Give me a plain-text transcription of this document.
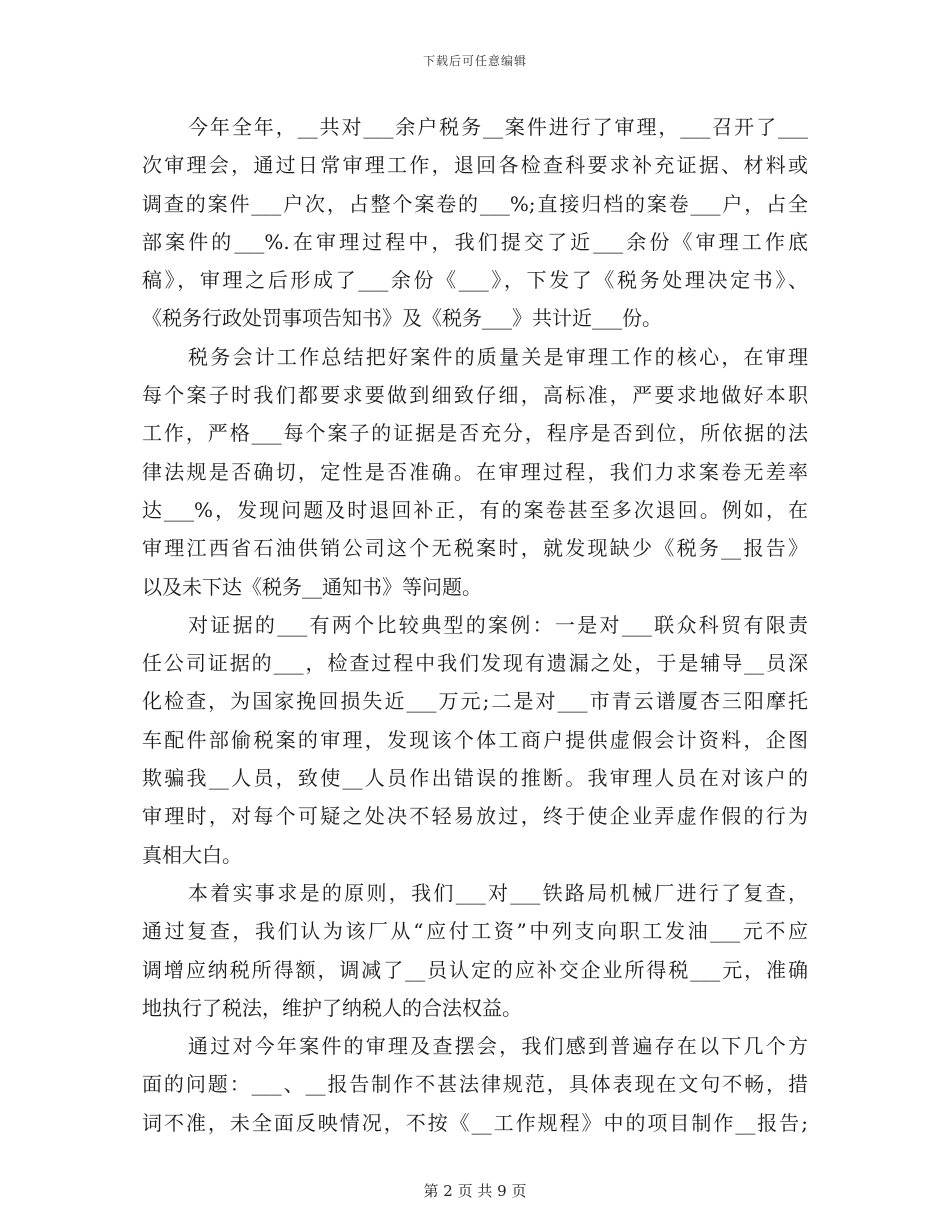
下载后可任意编辑
今年全年，__共对___余户税务__案件进行了审理，___召开了___
次审理会，通过日常审理工作，退回各检查科要求补充证据、材料或
调查的案件___户次，占整个案卷的___%;直接归档的案卷___户，占全
部案件的___%.在审理过程中，我们提交了近___余份《审理工作底
稿》，审理之后形成了___余份《___》，下发了《税务处理决定书》、
《税务行政处罚事项告知书》及《税务___》共计近___份。
税务会计工作总结把好案件的质量关是审理工作的核心，在审理
每个案子时我们都要求要做到细致仔细，高标准，严要求地做好本职
工作，严格___每个案子的证据是否充分，程序是否到位，所依据的法
律法规是否确切，定性是否准确。在审理过程，我们力求案卷无差率
达___%，发现问题及时退回补正，有的案卷甚至多次退回。例如，在
审理江西省石油供销公司这个无税案时，就发现缺少《税务__报告》
以及未下达《税务__通知书》等问题。
对证据的___有两个比较典型的案例：一是对___联众科贸有限责
任公司证据的___，检查过程中我们发现有遗漏之处，于是辅导__员深
化检查，为国家挽回损失近___万元;二是对___市青云谱厦杏三阳摩托
车配件部偷税案的审理，发现该个体工商户提供虚假会计资料，企图
欺骗我__人员，致使__人员作出错误的推断。我审理人员在对该户的
审理时，对每个可疑之处决不轻易放过，终于使企业弄虚作假的行为
真相大白。
本着实事求是的原则，我们___对___铁路局机械厂进行了复查，
通过复查，我们认为该厂从“应付工资”中列支向职工发油___元不应
调增应纳税所得额，调减了__员认定的应补交企业所得税___元，准确
地执行了税法，维护了纳税人的合法权益。
通过对今年案件的审理及查摆会，我们感到普遍存在以下几个方
面的问题：___、__报告制作不甚法律规范，具体表现在文句不畅，措
词不准，未全面反映情况，不按《__工作规程》中的项目制作__报告;
第 2 页 共 9 页
